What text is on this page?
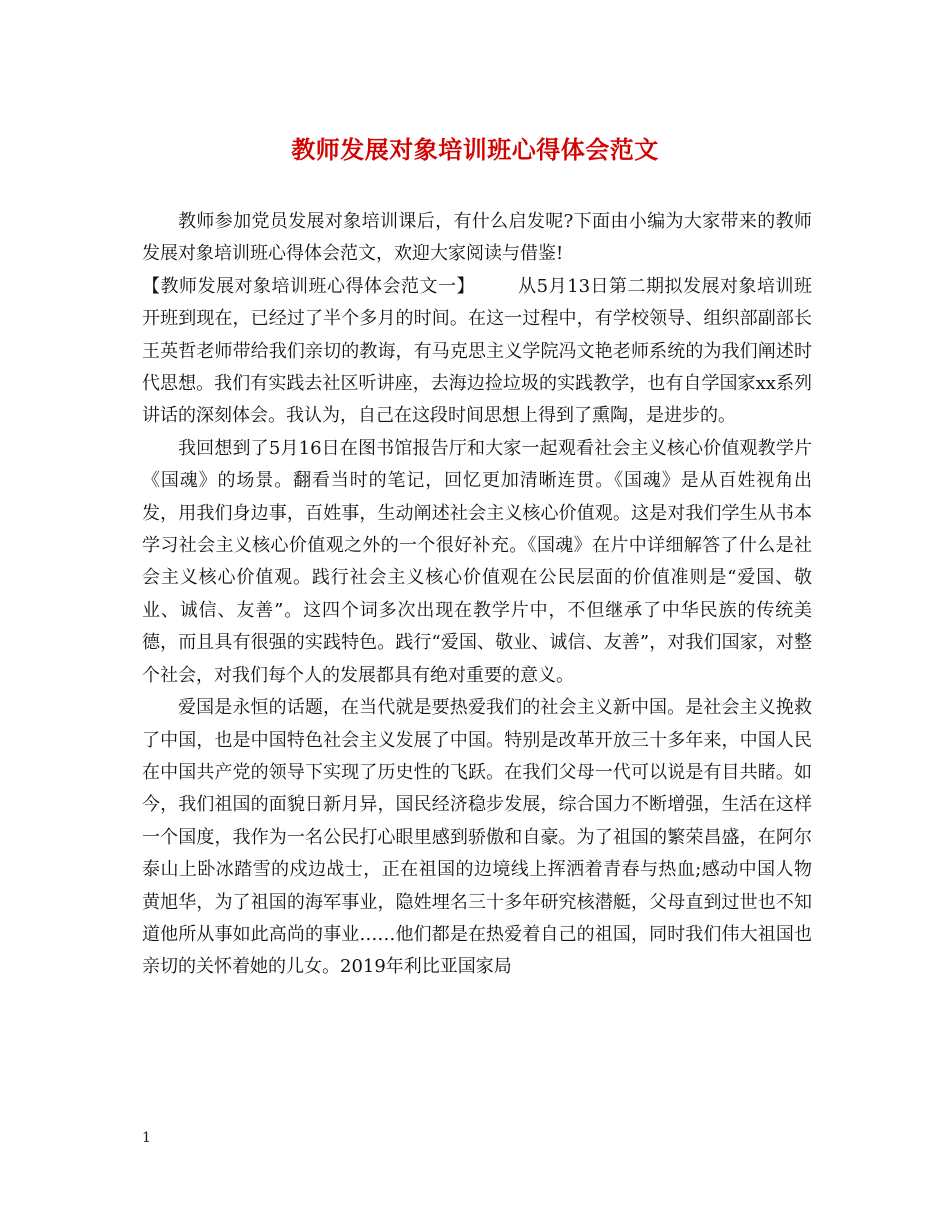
教师发展对象培训班心得体会范文

教师参加党员发展对象培训课后，有什么启发呢?下面由小编为大家带来的教师发展对象培训班心得体会范文，欢迎大家阅读与借鉴!

【教师发展对象培训班心得体会范文一】 　　从5月13日第二期拟发展对象培训班开班到现在，已经过了半个多月的时间。在这一过程中，有学校领导、组织部副部长王英哲老师带给我们亲切的教诲，有马克思主义学院冯文艳老师系统的为我们阐述时代思想。我们有实践去社区听讲座，去海边捡垃圾的实践教学，也有自学国家xx系列讲话的深刻体会。我认为，自己在这段时间思想上得到了熏陶，是进步的。

我回想到了5月16日在图书馆报告厅和大家一起观看社会主义核心价值观教学片《国魂》的场景。翻看当时的笔记，回忆更加清晰连贯。《国魂》是从百姓视角出发，用我们身边事，百姓事，生动阐述社会主义核心价值观。这是对我们学生从书本学习社会主义核心价值观之外的一个很好补充。《国魂》在片中详细解答了什么是社会主义核心价值观。践行社会主义核心价值观在公民层面的价值准则是“爱国、敬业、诚信、友善”。这四个词多次出现在教学片中，不但继承了中华民族的传统美德，而且具有很强的实践特色。践行“爱国、敬业、诚信、友善”，对我们国家，对整个社会，对我们每个人的发展都具有绝对重要的意义。

爱国是永恒的话题，在当代就是要热爱我们的社会主义新中国。是社会主义挽救了中国，也是中国特色社会主义发展了中国。特别是改革开放三十多年来，中国人民在中国共产党的领导下实现了历史性的飞跃。在我们父母一代可以说是有目共睹。如今，我们祖国的面貌日新月异，国民经济稳步发展，综合国力不断增强，生活在这样一个国度，我作为一名公民打心眼里感到骄傲和自豪。为了祖国的繁荣昌盛，在阿尔泰山上卧冰踏雪的戍边战士，正在祖国的边境线上挥洒着青春与热血;感动中国人物黄旭华，为了祖国的海军事业，隐姓埋名三十多年研究核潜艇，父母直到过世也不知道他所从事如此高尚的事业……他们都是在热爱着自己的祖国，同时我们伟大祖国也亲切的关怀着她的儿女。2019年利比亚国家局

1
